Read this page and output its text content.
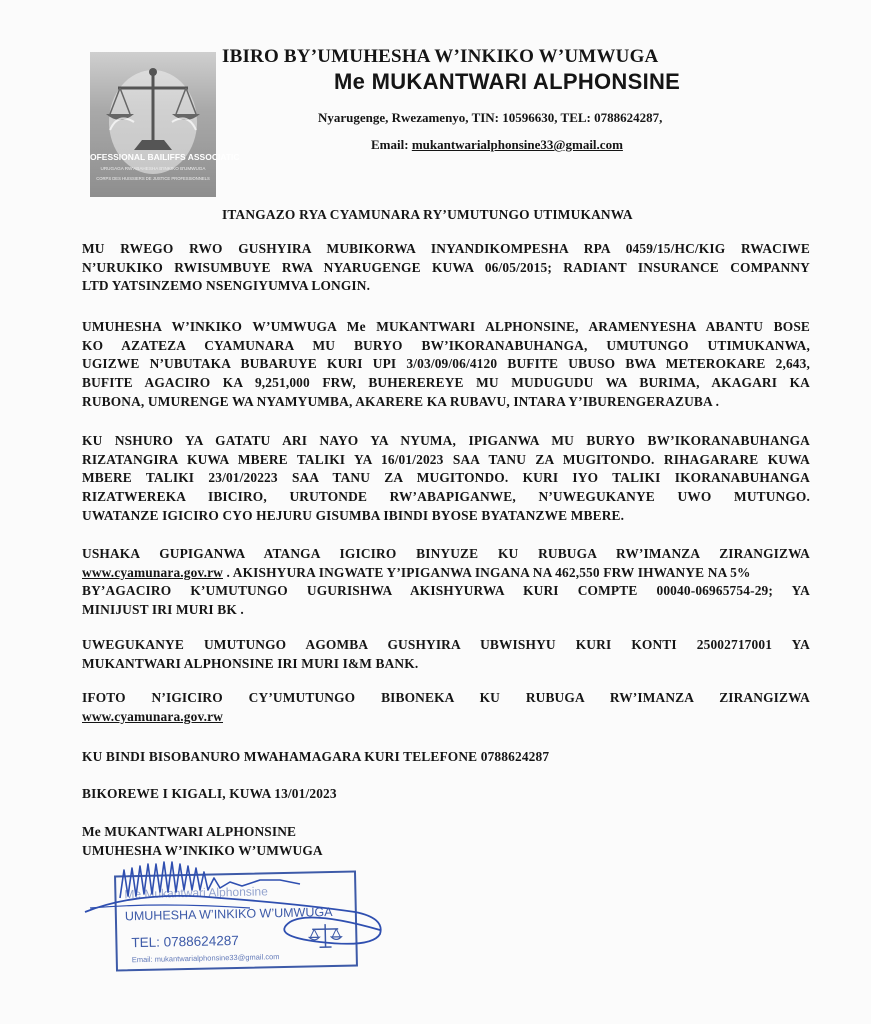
OFESSIONAL BAILIFFS ASSOCIATIC
URUGAGA RW'ABAHESHA B'INKIKO B'UMWUGA
CORPS DES HUISSIERS DE JUSTICE PROFESSIONNELS
IBIRO BY’UMUHESHA W’INKIKO W’UMWUGA
Me MUKANTWARI ALPHONSINE
Nyarugenge, Rwezamenyo, TIN: 10596630, TEL: 0788624287,
Email: mukantwarialphonsine33@gmail.com
ITANGAZO RYA CYAMUNARA RY’UMUTUNGO UTIMUKANWA
MU RWEGO RWO GUSHYIRA MUBIKORWA INYANDIKOMPESHA RPA 0459/15/HC/KIG RWACIWE
N’URUKIKO RWISUMBUYE RWA NYARUGENGE KUWA 06/05/2015; RADIANT INSURANCE COMPANNY
LTD YATSINZEMO NSENGIYUMVA LONGIN.
UMUHESHA W’INKIKO W’UMWUGA Me MUKANTWARI ALPHONSINE, ARAMENYESHA ABANTU BOSE
KO AZATEZA CYAMUNARA MU BURYO BW’IKORANABUHANGA, UMUTUNGO UTIMUKANWA,
UGIZWE N’UBUTAKA BUBARUYE KURI UPI 3/03/09/06/4120 BUFITE UBUSO BWA METEROKARE 2,643,
BUFITE AGACIRO KA 9,251,000 FRW, BUHEREREYE MU MUDUGUDU WA BURIMA, AKAGARI KA
RUBONA, UMURENGE WA NYAMYUMBA, AKARERE KA RUBAVU, INTARA Y’IBURENGERAZUBA .
KU NSHURO YA GATATU ARI NAYO YA NYUMA, IPIGANWA MU BURYO BW’IKORANABUHANGA
RIZATANGIRA KUWA MBERE TALIKI YA 16/01/2023 SAA TANU ZA MUGITONDO. RIHAGARARE KUWA
MBERE TALIKI 23/01/20223 SAA TANU ZA MUGITONDO. KURI IYO TALIKI IKORANABUHANGA
RIZATWEREKA IBICIRO, URUTONDE RW’ABAPIGANWE, N’UWEGUKANYE UWO MUTUNGO.
UWATANZE IGICIRO CYO HEJURU GISUMBA IBINDI BYOSE BYATANZWE MBERE.
USHAKA GUPIGANWA ATANGA IGICIRO BINYUZE KU RUBUGA RW’IMANZA ZIRANGIZWA
www.cyamunara.gov.rw . AKISHYURA INGWATE Y’IPIGANWA INGANA NA 462,550 FRW IHWANYE NA 5%
BY’AGACIRO K’UMUTUNGO UGURISHWA AKISHYURWA KURI COMPTE 00040-06965754-29; YA
MINIJUST IRI MURI BK .
UWEGUKANYE UMUTUNGO AGOMBA GUSHYIRA UBWISHYU KURI KONTI 25002717001 YA
MUKANTWARI ALPHONSINE IRI MURI I&M BANK.
IFOTO N’IGICIRO CY’UMUTUNGO BIBONEKA KU RUBUGA RW’IMANZA ZIRANGIZWA
www.cyamunara.gov.rw
KU BINDI BISOBANURO MWAHAMAGARA KURI TELEFONE 0788624287
BIKOREWE I KIGALI, KUWA 13/01/2023
Me MUKANTWARI ALPHONSINE
UMUHESHA W’INKIKO W’UMWUGA
Me Mukantwari Alphonsine
UMUHESHA W’INKIKO W’UMWUGA
TEL: 0788624287
Email: mukantwarialphonsine33@gmail.com
